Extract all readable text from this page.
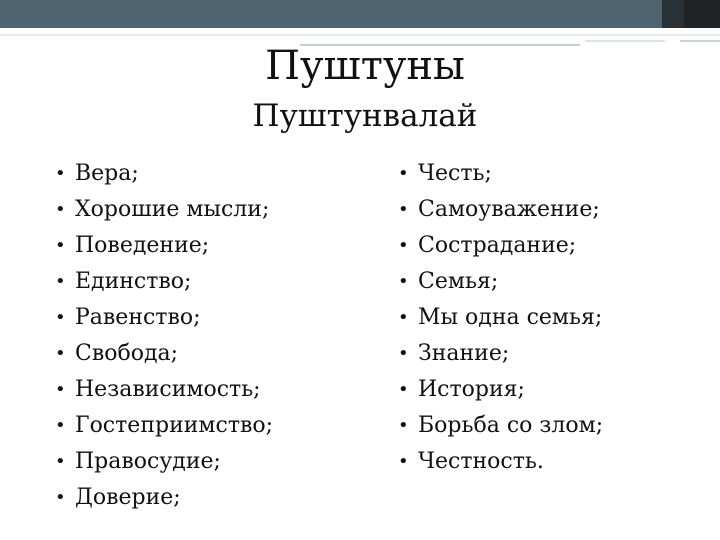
Пуштуны
Пуштунвалай
• Вера;
• Хорошие мысли;
• Поведение;
• Единство;
• Равенство;
• Свобода;
• Независимость;
• Гостеприимство;
• Правосудие;
• Доверие;
• Честь;
• Самоуважение;
• Сострадание;
• Семья;
• Мы одна семья;
• Знание;
• История;
• Борьба со злом;
• Честность.
